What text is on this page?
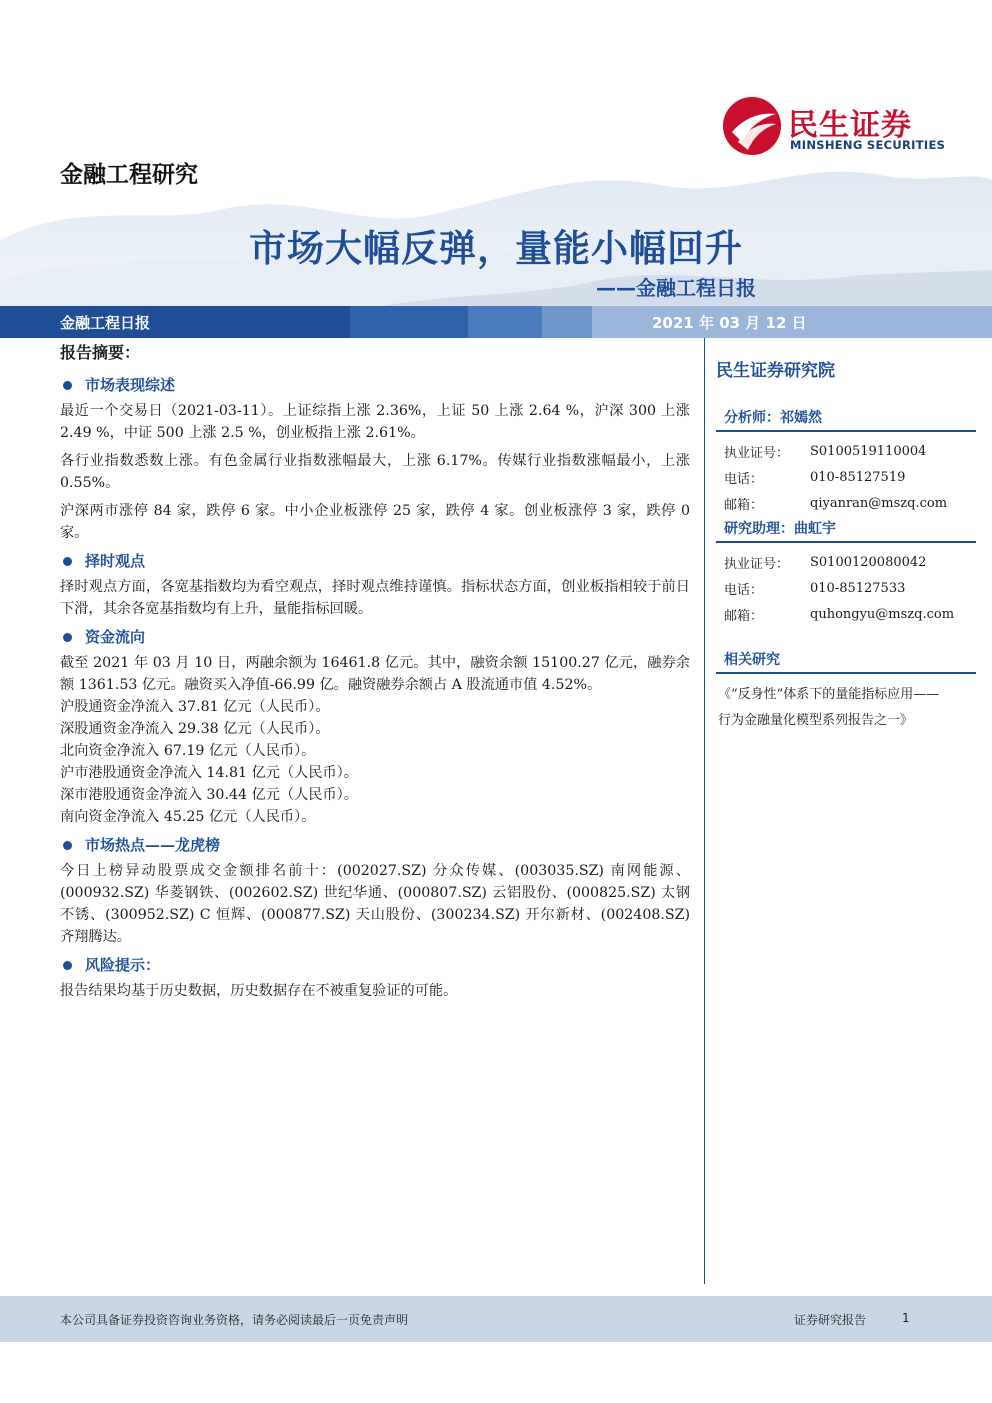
民生证券
MINSHENG SECURITIES
金融工程研究
市场大幅反弹，量能小幅回升
——金融工程日报
金融工程日报	2021 年 03 月 12 日
报告摘要：
市场表现综述

最近一个交易日（2021-03-11）。上证综指上涨 2.36%，上证 50 上涨 2.64 %，沪深 300 上涨 2.49 %，中证 500 上涨 2.5 %，创业板指上涨 2.61%。

各行业指数悉数上涨。有色金属行业指数涨幅最大，上涨 6.17%。传媒行业指数涨幅最小，上涨 0.55%。

沪深两市涨停 84 家，跌停 6 家。中小企业板涨停 25 家，跌停 4 家。创业板涨停 3 家，跌停 0 家。

择时观点

择时观点方面，各宽基指数均为看空观点，择时观点维持谨慎。指标状态方面，创业板指相较于前日下滑，其余各宽基指数均有上升，量能指标回暖。

资金流向

截至 2021 年 03 月 10 日，两融余额为 16461.8 亿元。其中，融资余额 15100.27 亿元，融券余额 1361.53 亿元。融资买入净值-66.99 亿。融资融券余额占 A 股流通市值 4.52%。

沪股通资金净流入 37.81 亿元（人民币）。

深股通资金净流入 29.38 亿元（人民币）。

北向资金净流入 67.19 亿元（人民币）。

沪市港股通资金净流入 14.81 亿元（人民币）。

深市港股通资金净流入 30.44 亿元（人民币）。

南向资金净流入 45.25 亿元（人民币）。

市场热点——龙虎榜

今日上榜异动股票成交金额排名前十：(002027.SZ) 分众传媒、(003035.SZ) 南网能源、(000932.SZ) 华菱钢铁、(002602.SZ) 世纪华通、(000807.SZ) 云铝股份、(000825.SZ) 太钢不锈、(300952.SZ) C 恒辉、(000877.SZ) 天山股份、(300234.SZ) 开尔新材、(002408.SZ) 齐翔腾达。

风险提示：

报告结果均基于历史数据，历史数据存在不被重复验证的可能。

民生证券研究院
分析师：祁嫣然
执业证号：	S0100519110004
电话：	010-85127519
邮箱：	qiyanran@mszq.com
研究助理：曲虹宇
执业证号：	S0100120080042
电话：	010-85127533
邮箱：	quhongyu@mszq.com
相关研究
《“反身性”体系下的量能指标应用——
行为金融量化模型系列报告之一》
本公司具备证券投资咨询业务资格，请务必阅读最后一页免责声明	证券研究报告	1
